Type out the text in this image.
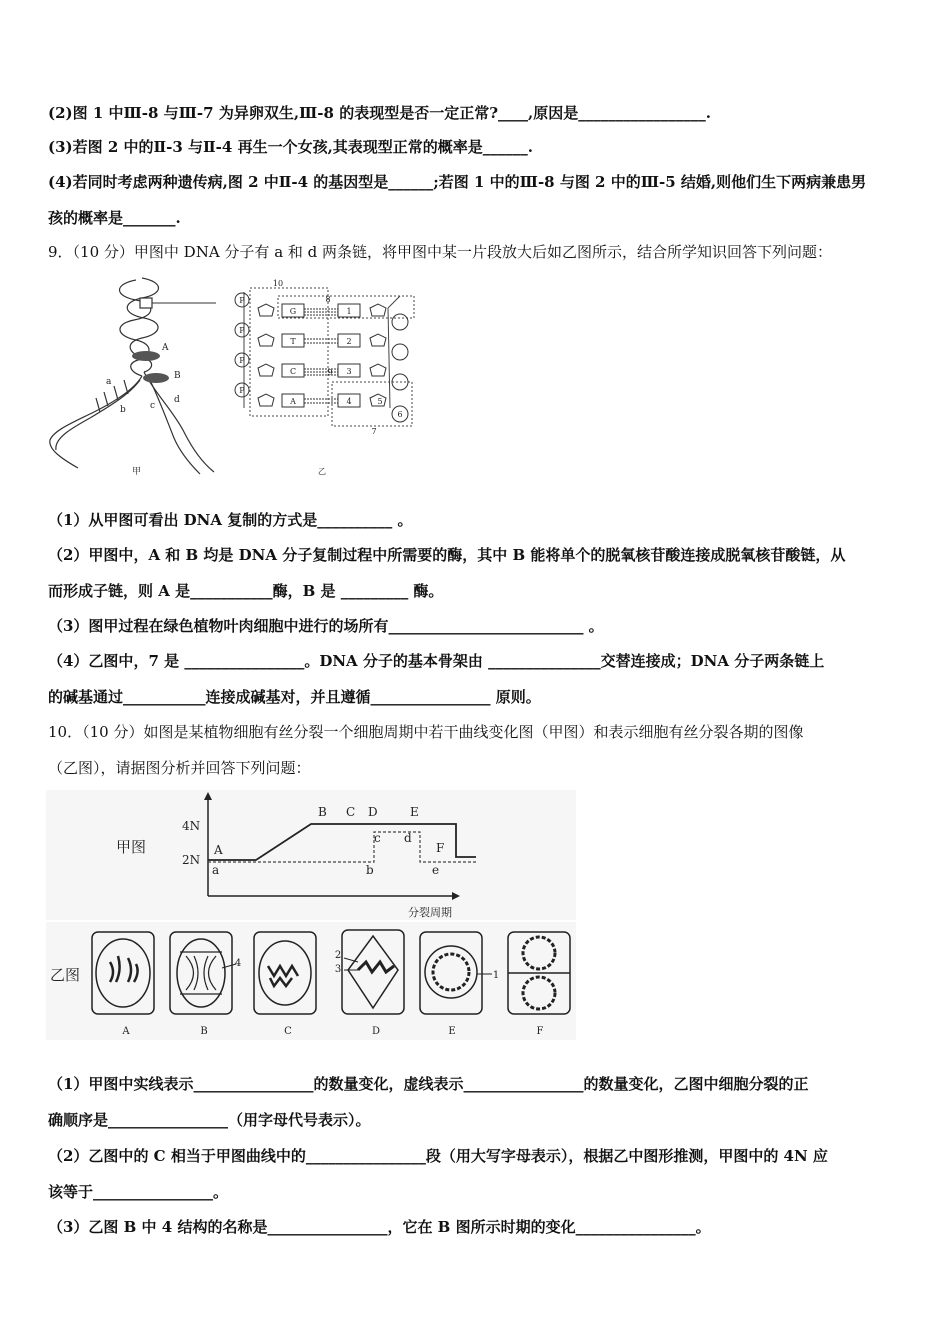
(2)图 1 中Ⅲ-8 与Ⅲ-7 为异卵双生,Ⅲ-8 的表现型是否一定正常?____,原因是_________________.
(3)若图 2 中的Ⅱ-3 与Ⅱ-4 再生一个女孩,其表现型正常的概率是______.
(4)若同时考虑两种遗传病,图 2 中Ⅱ-4 的基因型是______;若图 1 中的Ⅲ-8 与图 2 中的Ⅲ-5 结婚,则他们生下两病兼患男
孩的概率是_______.
9．（10 分）甲图中 DNA 分子有 a 和 d 两条链，将甲图中某一片段放大后如乙图所示，结合所学知识回答下列问题：
A
B
a
b	c
d
甲
P
P
P
P
G
T
C
A
1
2
3
4
10
8
9
5
6
7
乙
（1）从甲图可看出 DNA 复制的方式是__________ 。
（2）甲图中，A 和 B 均是 DNA 分子复制过程中所需要的酶，其中 B 能将单个的脱氧核苷酸连接成脱氧核苷酸链，从
而形成子链，则 A 是___________酶，B 是 _________ 酶。
（3）图甲过程在绿色植物叶肉细胞中进行的场所有__________________________ 。
（4）乙图中，7 是 ________________。DNA 分子的基本骨架由 _______________交替连接成；DNA 分子两条链上
的碱基通过___________连接成碱基对，并且遵循________________ 原则。
10．（10 分）如图是某植物细胞有丝分裂一个细胞周期中若干曲线变化图（甲图）和表示细胞有丝分裂各期的图像
（乙图），请据图分析并回答下列问题：
甲图
4N
2N
A
B C D	E
F
a	b
c d
e
分裂周期
乙图
4
2
3
1
A	B	C	D	E	F
（1）甲图中实线表示________________的数量变化，虚线表示________________的数量变化，乙图中细胞分裂的正
确顺序是________________（用字母代号表示）。
（2）乙图中的 C 相当于甲图曲线中的________________段（用大写字母表示），根据乙中图形推测，甲图中的 4N 应
该等于________________。
（3）乙图 B 中 4 结构的名称是________________，它在 B 图所示时期的变化________________。
